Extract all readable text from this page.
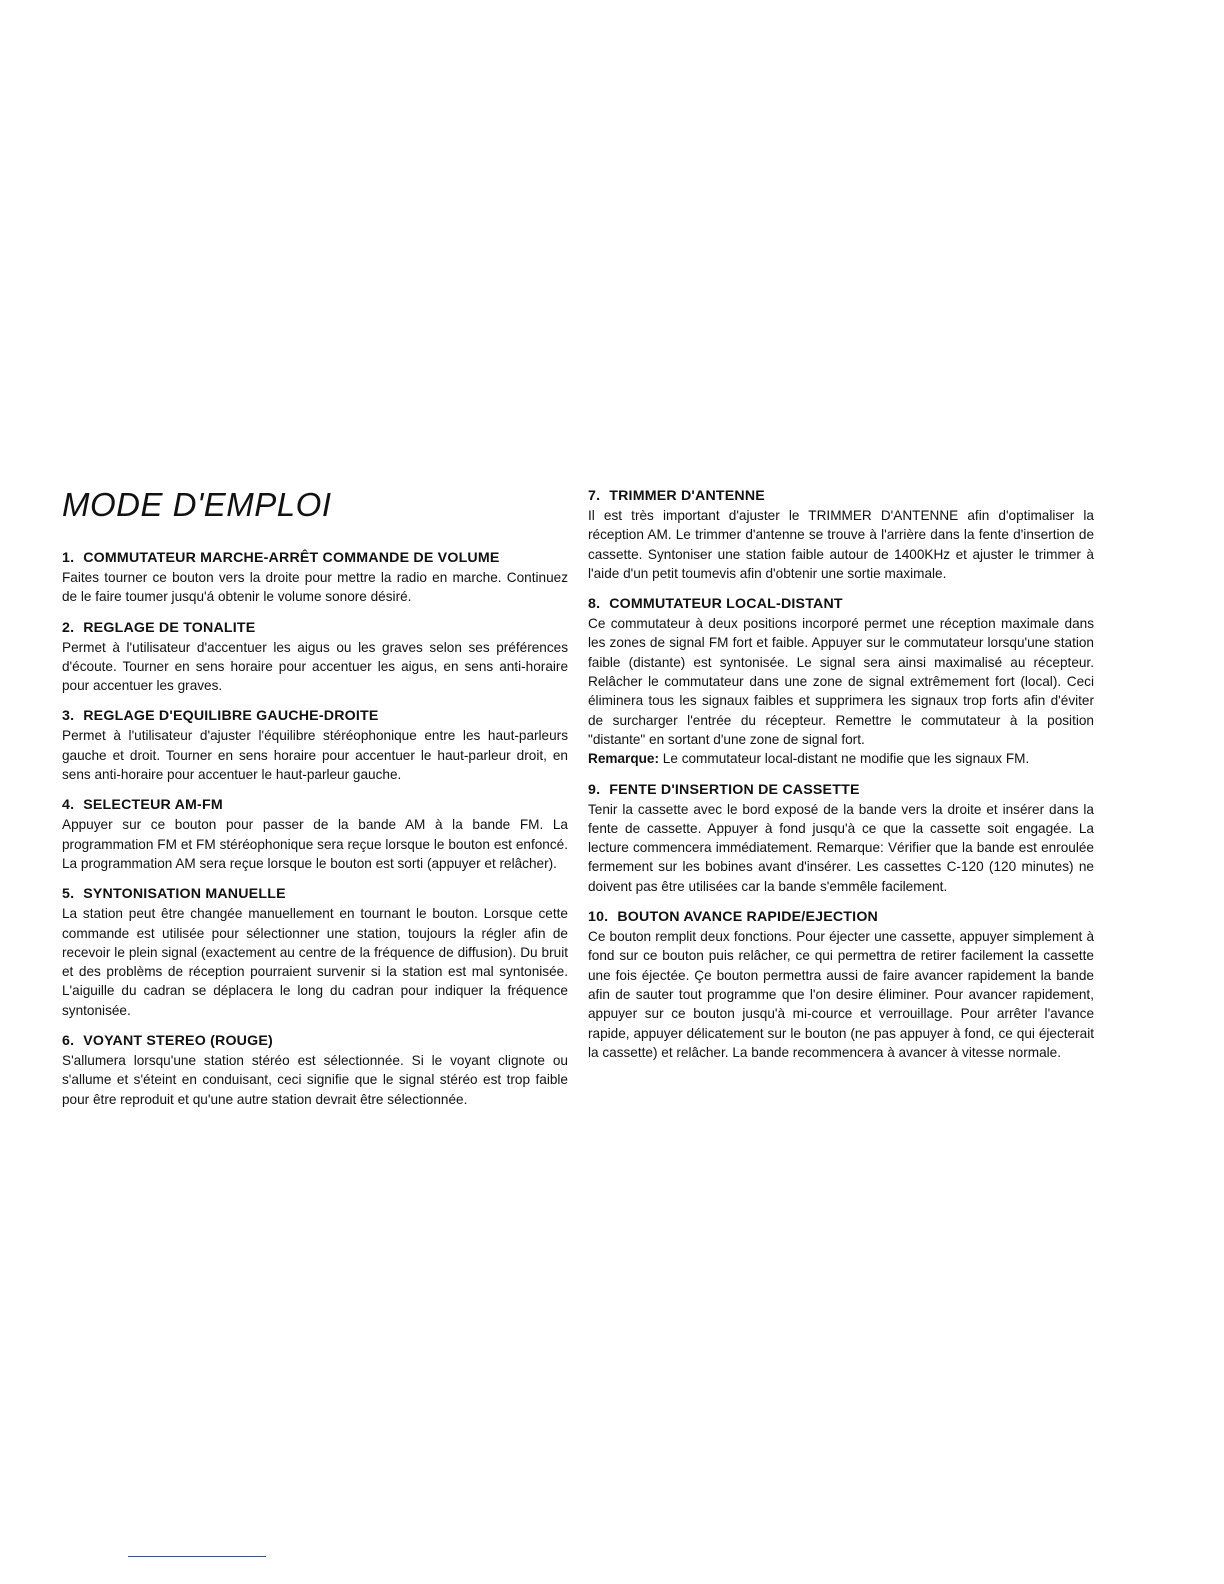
MODE D'EMPLOI

1. COMMUTATEUR MARCHE-ARRÊT COMMANDE DE VOLUME

Faites tourner ce bouton vers la droite pour mettre la radio en marche. Continuez de le faire toumer jusqu'á obtenir le volume sonore désiré.

2. REGLAGE DE TONALITE

Permet à l'utilisateur d'accentuer les aigus ou les graves selon ses préférences d'écoute. Tourner en sens horaire pour accentuer les aigus, en sens anti-horaire pour accentuer les graves.

3. REGLAGE D'EQUILIBRE GAUCHE-DROITE

Permet à l'utilisateur d'ajuster l'équilibre stéréophonique entre les haut-parleurs gauche et droit. Tourner en sens horaire pour accentuer le haut-parleur droit, en sens anti-horaire pour accentuer le haut-parleur gauche.

4. SELECTEUR AM-FM

Appuyer sur ce bouton pour passer de la bande AM à la bande FM. La programmation FM et FM stéréophonique sera reçue lorsque le bouton est enfoncé. La programmation AM sera reçue lorsque le bouton est sorti (appuyer et relâcher).

5. SYNTONISATION MANUELLE

La station peut être changée manuellement en tournant le bouton. Lorsque cette commande est utilisée pour sélectionner une station, toujours la régler afin de recevoir le plein signal (exactement au centre de la fréquence de diffusion). Du bruit et des problèms de réception pourraient survenir si la station est mal syntonisée. L'aiguille du cadran se déplacera le long du cadran pour indiquer la fréquence syntonisée.

6. VOYANT STEREO (ROUGE)

S'allumera lorsqu'une station stéréo est sélectionnée. Si le voyant clignote ou s'allume et s'éteint en conduisant, ceci signifie que le signal stéréo est trop faible pour être reproduit et qu'une autre station devrait être sélectionnée.

7. TRIMMER D'ANTENNE

Il est très important d'ajuster le TRIMMER D'ANTENNE afin d'optimaliser la réception AM. Le trimmer d'antenne se trouve à l'arrière dans la fente d'insertion de cassette. Syntoniser une station faible autour de 1400KHz et ajuster le trimmer à l'aide d'un petit toumevis afin d'obtenir une sortie maximale.

8. COMMUTATEUR LOCAL-DISTANT

Ce commutateur à deux positions incorporé permet une réception maximale dans les zones de signal FM fort et faible. Appuyer sur le commutateur lorsqu'une station faible (distante) est syntonisée. Le signal sera ainsi maximalisé au récepteur. Relâcher le commutateur dans une zone de signal extrêmement fort (local). Ceci éliminera tous les signaux faibles et supprimera les signaux trop forts afin d'éviter de surcharger l'entrée du récepteur. Remettre le commutateur à la position "distante" en sortant d'une zone de signal fort.

Remarque: Le commutateur local-distant ne modifie que les signaux FM.

9. FENTE D'INSERTION DE CASSETTE

Tenir la cassette avec le bord exposé de la bande vers la droite et insérer dans la fente de cassette. Appuyer à fond jusqu'à ce que la cassette soit engagée. La lecture commencera immédiatement. Remarque: Vérifier que la bande est enroulée fermement sur les bobines avant d'insérer. Les cassettes C-120 (120 minutes) ne doivent pas être utilisées car la bande s'emmêle facilement.

10. BOUTON AVANCE RAPIDE/EJECTION

Ce bouton remplit deux fonctions. Pour éjecter une cassette, appuyer simplement à fond sur ce bouton puis relâcher, ce qui permettra de retirer facilement la cassette une fois éjectée. Çe bouton permettra aussi de faire avancer rapidement la bande afin de sauter tout programme que l'on desire éliminer. Pour avancer rapidement, appuyer sur ce bouton jusqu'à mi-cource et verrouillage. Pour arrêter l'avance rapide, appuyer délicatement sur le bouton (ne pas appuyer à fond, ce qui éjecterait la cassette) et relâcher. La bande recommencera à avancer à vitesse normale.
